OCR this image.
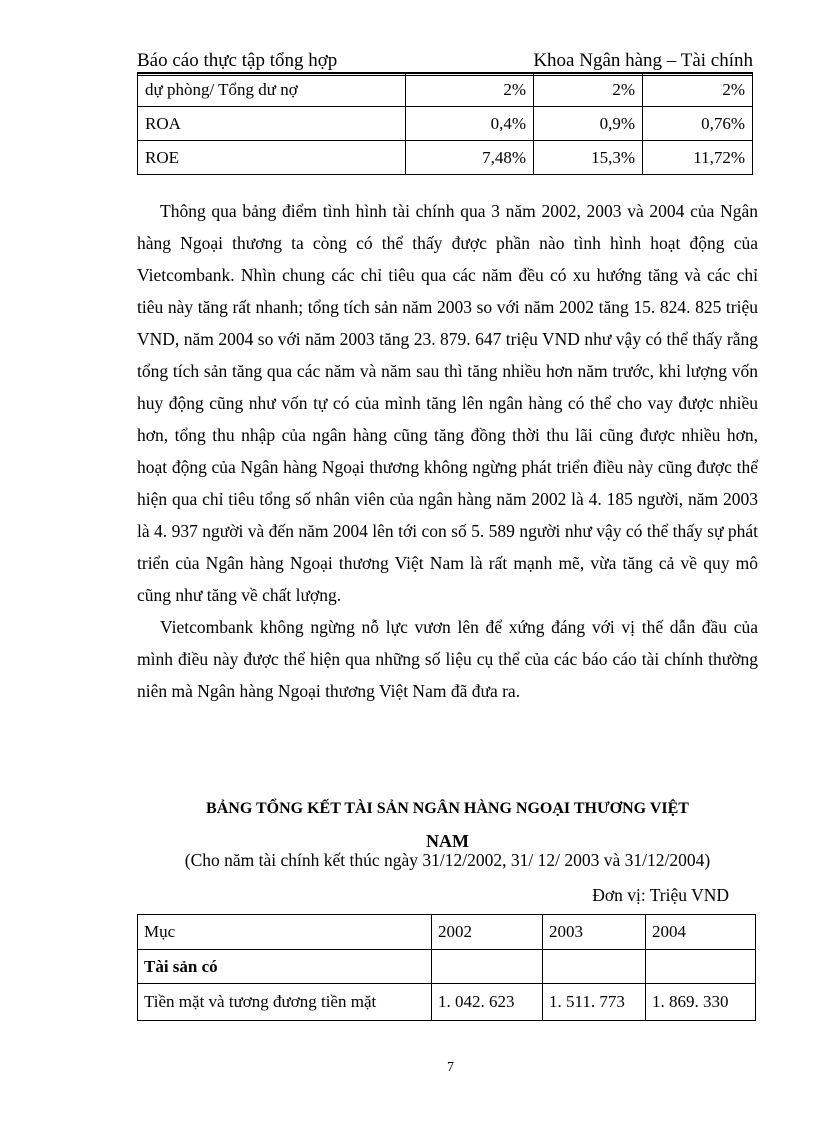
Báo cáo thực tập tổng hợp	Khoa Ngân hàng – Tài chính
dự phòng/ Tổng dư nợ	2%	2%	2%
ROA	0,4%	0,9%	0,76%
ROE	7,48%	15,3%	11,72%

Thông qua bảng điểm tình hình tài chính qua 3 năm 2002, 2003 và 2004 của Ngân hàng Ngoại thương ta còng có thể thấy được phần nào tình hình hoạt động của Vietcombank. Nhìn chung các chỉ tiêu qua các năm đều có xu hướng tăng và các chỉ tiêu này tăng rất nhanh; tổng tích sản năm 2003 so với năm 2002 tăng 15. 824. 825 triệu VND, năm 2004 so với năm 2003 tăng 23. 879. 647 triệu VND như vậy có thể thấy rằng tổng tích sản tăng qua các năm và năm sau thì tăng nhiều hơn năm trước, khi lượng vốn huy động cũng như vốn tự có của mình tăng lên ngân hàng có thể cho vay được nhiều hơn, tổng thu nhập của ngân hàng cũng tăng đồng thời thu lãi cũng được nhiều hơn, hoạt động của Ngân hàng Ngoại thương không ngừng phát triển điều này cũng được thể hiện qua chỉ tiêu tổng số nhân viên của ngân hàng năm 2002 là 4. 185 người, năm 2003 là 4. 937 người và đến năm 2004 lên tới con số 5. 589 người như vậy có thể thấy sự phát triển của Ngân hàng Ngoại thương Việt Nam là rất mạnh mẽ, vừa tăng cả về quy mô cũng như tăng về chất lượng.

Vietcombank không ngừng nỗ lực vươn lên để xứng đáng với vị thế dẫn đầu của mình điều này được thể hiện qua những số liệu cụ thể của các báo cáo tài chính thường niên mà Ngân hàng Ngoại thương Việt Nam đã đưa ra.

BẢNG TỔNG KẾT TÀI SẢN NGÂN HÀNG NGOẠI THƯƠNG VIỆT
NAM
(Cho năm tài chính kết thúc ngày 31/12/2002, 31/ 12/ 2003 và 31/12/2004)
Đơn vị: Triệu VND
Mục	2002	2003	2004
Tài sản có			
Tiền mặt và tương đương tiền mặt	1. 042. 623	1. 511. 773	1. 869. 330
7
